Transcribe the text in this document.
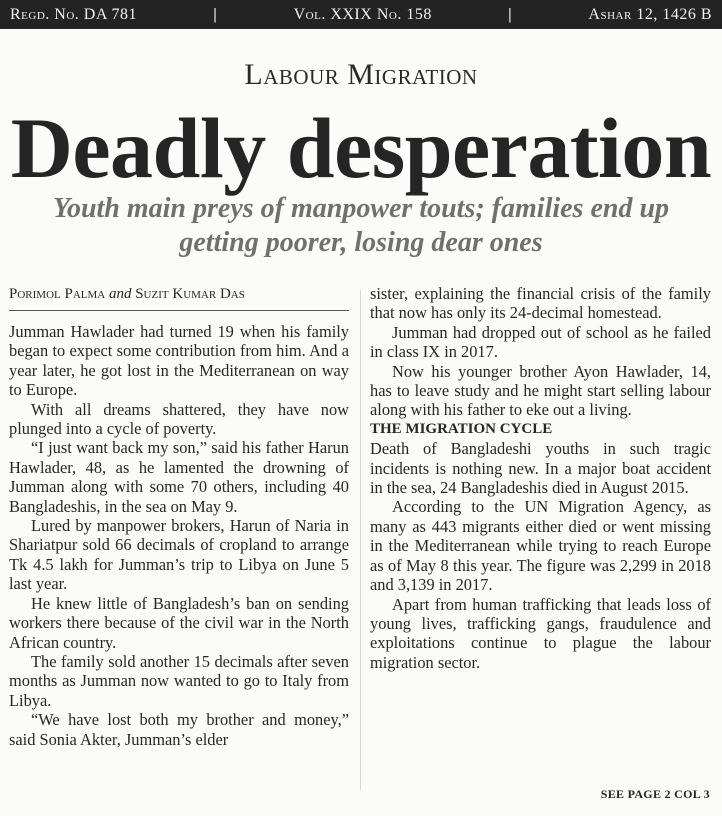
Regd. No. DA 781	|	Vol. XXIX No. 158	|	Ashar 12, 1426 B
Labour Migration
Deadly desperation
Youth main preys of manpower touts; families end up getting poorer, losing dear ones
Porimol Palma and Suzit Kumar Das

Jumman Hawlader had turned 19 when his family began to expect some contribution from him. And a year later, he got lost in the Mediterranean on way to Europe.

With all dreams shattered, they have now plunged into a cycle of poverty.

“I just want back my son,” said his father Harun Hawlader, 48, as he lamented the drowning of Jumman along with some 70 others, including 40 Bangladeshis, in the sea on May 9.

Lured by manpower brokers, Harun of Naria in Shariatpur sold 66 decimals of cropland to arrange Tk 4.5 lakh for Jumman’s trip to Libya on June 5 last year.

He knew little of Bangladesh’s ban on sending workers there because of the civil war in the North African country.

The family sold another 15 decimals after seven months as Jumman now wanted to go to Italy from Libya.

“We have lost both my brother and money,” said Sonia Akter, Jumman’s elder

sister, explaining the financial crisis of the family that now has only its 24-decimal homestead.

Jumman had dropped out of school as he failed in class IX in 2017.

Now his younger brother Ayon Hawlader, 14, has to leave study and he might start selling labour along with his father to eke out a living.

THE MIGRATION CYCLE

Death of Bangladeshi youths in such tragic incidents is nothing new. In a major boat accident in the sea, 24 Bangladeshis died in August 2015.

According to the UN Migration Agency, as many as 443 migrants either died or went missing in the Mediterranean while trying to reach Europe as of May 8 this year. The figure was 2,299 in 2018 and 3,139 in 2017.

Apart from human trafficking that leads loss of young lives, trafficking gangs, fraudulence and exploitations continue to plague the labour migration sector.

SEE PAGE 2 COL 3
